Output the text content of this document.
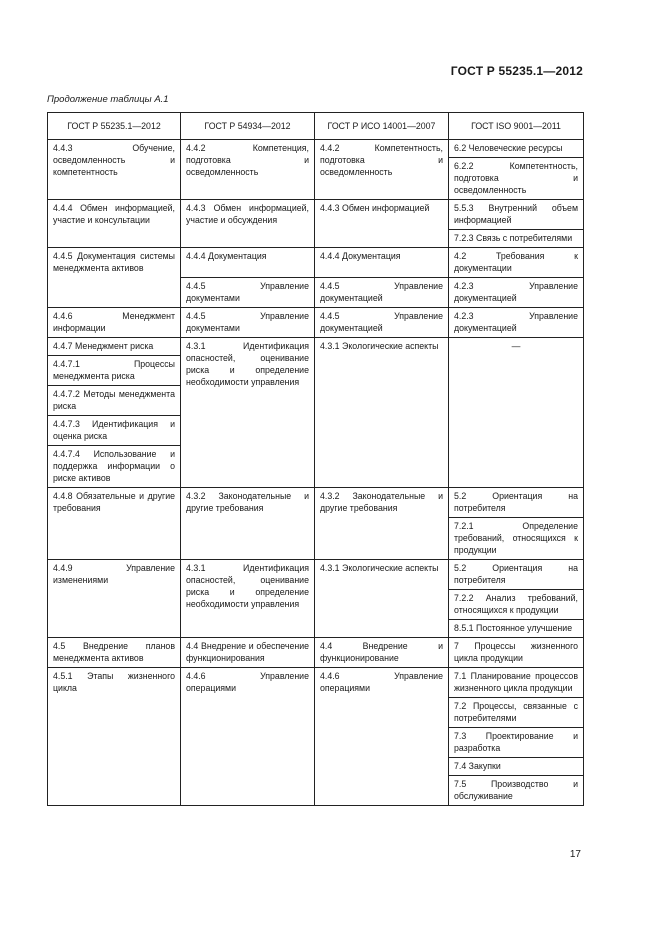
ГОСТ Р 55235.1—2012
Продолжение таблицы А.1
ГОСТ Р 55235.1—2012	ГОСТ Р 54934—2012	ГОСТ Р ИСО 14001—2007	ГОСТ ISO 9001—2011
4.4.3 Обучение, осведомленность и компетентность	4.4.2 Компетенция, подготовка и осведомленность	4.4.2 Компетентность, подготовка и осведомленность	6.2 Человеческие ресурсы
			6.2.2 Компетентность, подготовка и осведомленность
4.4.4 Обмен информацией, участие и консультации	4.4.3 Обмен информацией, участие и обсуждения	4.4.3 Обмен информацией	5.5.3 Внутренний объем информацией
			7.2.3 Связь с потребителями
4.4.5 Документация системы менеджмента активов	4.4.4 Документация	4.4.4 Документация	4.2 Требования к документации
	4.4.5 Управление документами	4.4.5 Управление документацией	4.2.3 Управление документацией
4.4.6 Менеджмент информации	4.4.5 Управление документами	4.4.5 Управление документацией	4.2.3 Управление документацией
4.4.7 Менеджмент риска	4.3.1 Идентификация опасностей, оценивание риска и определение необходимости управления	4.3.1 Экологические аспекты	—
4.4.7.1 Процессы менеджмента риска			
4.4.7.2 Методы менеджмента риска			
4.4.7.3 Идентификация и оценка риска			
4.4.7.4 Использование и поддержка информации о риске активов			
4.4.8 Обязательные и другие требования	4.3.2 Законодательные и другие требования	4.3.2 Законодательные и другие требования	5.2 Ориентация на потребителя
			7.2.1 Определение требований, относящихся к продукции
4.4.9 Управление изменениями	4.3.1 Идентификация опасностей, оценивание риска и определение необходимости управления	4.3.1 Экологические аспекты	5.2 Ориентация на потребителя
			7.2.2 Анализ требований, относящихся к продукции
			8.5.1 Постоянное улучшение
4.5 Внедрение планов менеджмента активов	4.4 Внедрение и обеспечение функционирования	4.4 Внедрение и функционирование	7 Процессы жизненного цикла продукции
4.5.1 Этапы жизненного цикла	4.4.6 Управление операциями	4.4.6 Управление операциями	7.1 Планирование процессов жизненного цикла продукции
			7.2 Процессы, связанные с потребителями
			7.3 Проектирование и разработка
			7.4 Закупки
			7.5 Производство и обслуживание
17
